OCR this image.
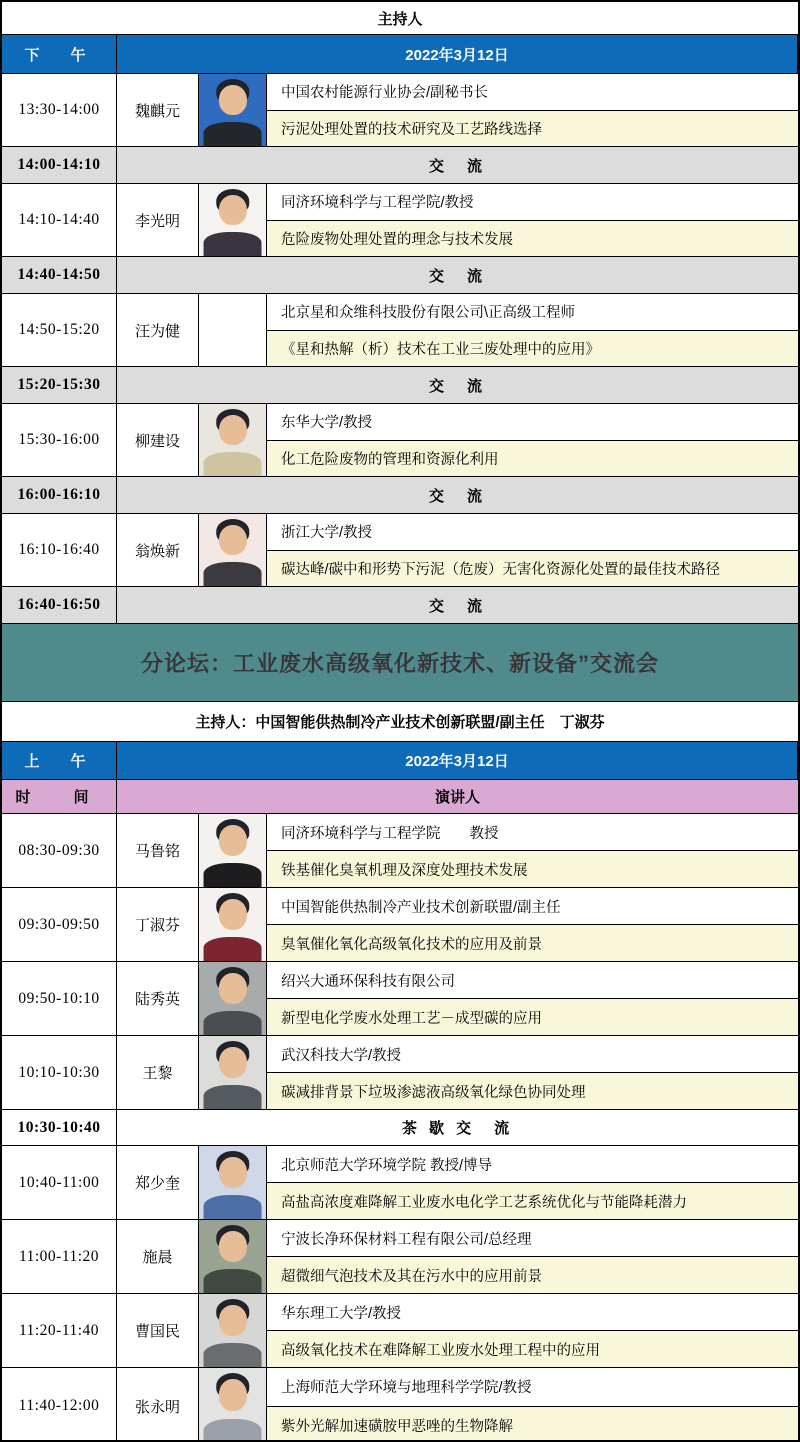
主持人
下　午	2022年3月12日
13:30-14:00	魏麒元
中国农村能源行业协会/副秘书长
污泥处理处置的技术研究及工艺路线选择
14:00-14:10	交　流
14:10-14:40	李光明
同济环境科学与工程学院/教授
危险废物处理处置的理念与技术发展
14:40-14:50	交　流
14:50-15:20	汪为健
北京星和众维科技股份有限公司\正高级工程师
《星和热解（析）技术在工业三废处理中的应用》
15:20-15:30	交　流
15:30-16:00	柳建设
东华大学/教授
化工危险废物的管理和资源化利用
16:00-16:10	交　流
16:10-16:40	翁焕新
浙江大学/教授
碳达峰/碳中和形势下污泥（危废）无害化资源化处置的最佳技术路径
16:40-16:50	交　流
分论坛：工业废水高级氧化新技术、新设备”交流会
主持人：中国智能供热制冷产业技术创新联盟/副主任　丁淑芬
上　午	2022年3月12日
时　间	演讲人
08:30-09:30	马鲁铭
同济环境科学与工程学院　　教授
铁基催化臭氧机理及深度处理技术发展
09:30-09:50	丁淑芬
中国智能供热制冷产业技术创新联盟/副主任
臭氧催化氧化高级氧化技术的应用及前景
09:50-10:10	陆秀英
绍兴大通环保科技有限公司
新型电化学废水处理工艺－成型碳的应用
10:10-10:30	王黎
武汉科技大学/教授
碳减排背景下垃圾渗滤液高级氧化绿色协同处理
10:30-10:40	茶 歇 交　流
10:40-11:00	郑少奎
北京师范大学环境学院 教授/博导
高盐高浓度难降解工业废水电化学工艺系统优化与节能降耗潜力
11:00-11:20	施晨
宁波长净环保材料工程有限公司/总经理
超微细气泡技术及其在污水中的应用前景
11:20-11:40	曹国民
华东理工大学/教授
高级氧化技术在难降解工业废水处理工程中的应用
11:40-12:00	张永明
上海师范大学环境与地理科学学院/教授
紫外光解加速磺胺甲恶唑的生物降解
